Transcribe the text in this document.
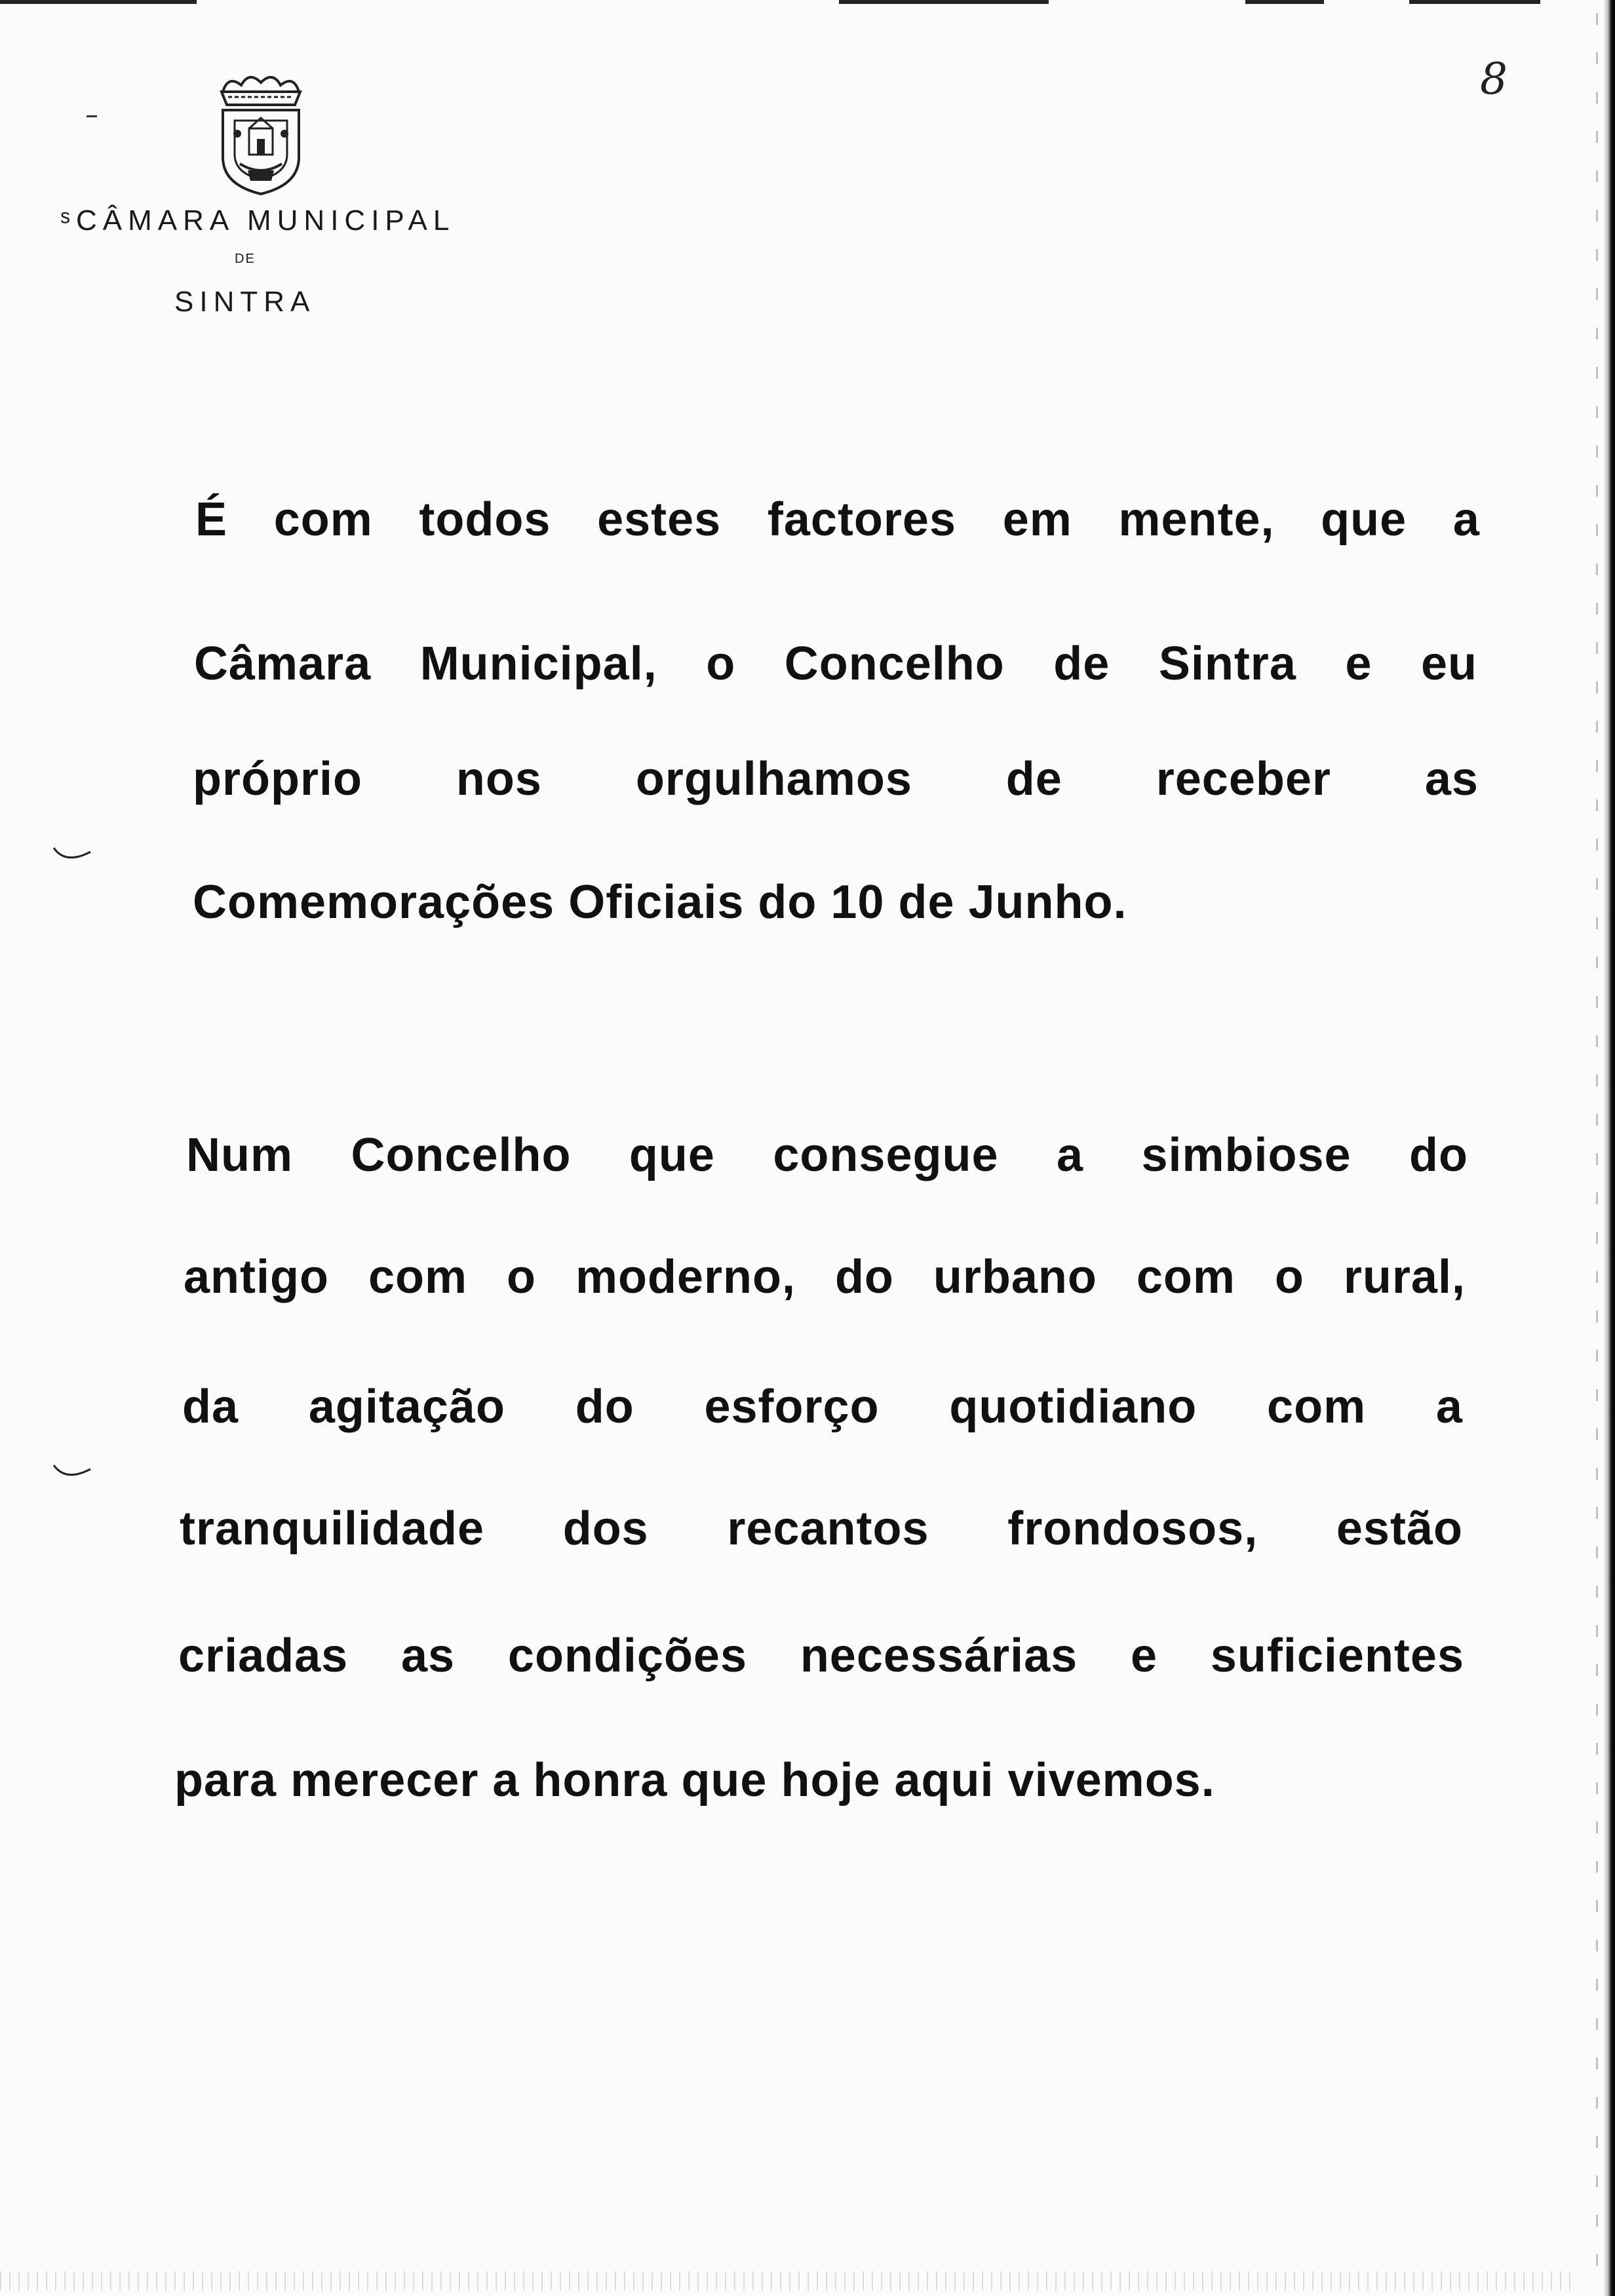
ˢCÂMARA MUNICIPAL
DE
SINTRA
8
É com todos estes factores em mente, que a
Câmara Municipal, o Concelho de Sintra e eu
próprio nos orgulhamos de receber as
Comemorações Oficiais do 10 de Junho.
Num Concelho que consegue a simbiose do
antigo com o moderno, do urbano com o rural,
da agitação do esforço quotidiano com a
tranquilidade dos recantos frondosos, estão
criadas as condições necessárias e suficientes
para merecer a honra que hoje aqui vivemos.
